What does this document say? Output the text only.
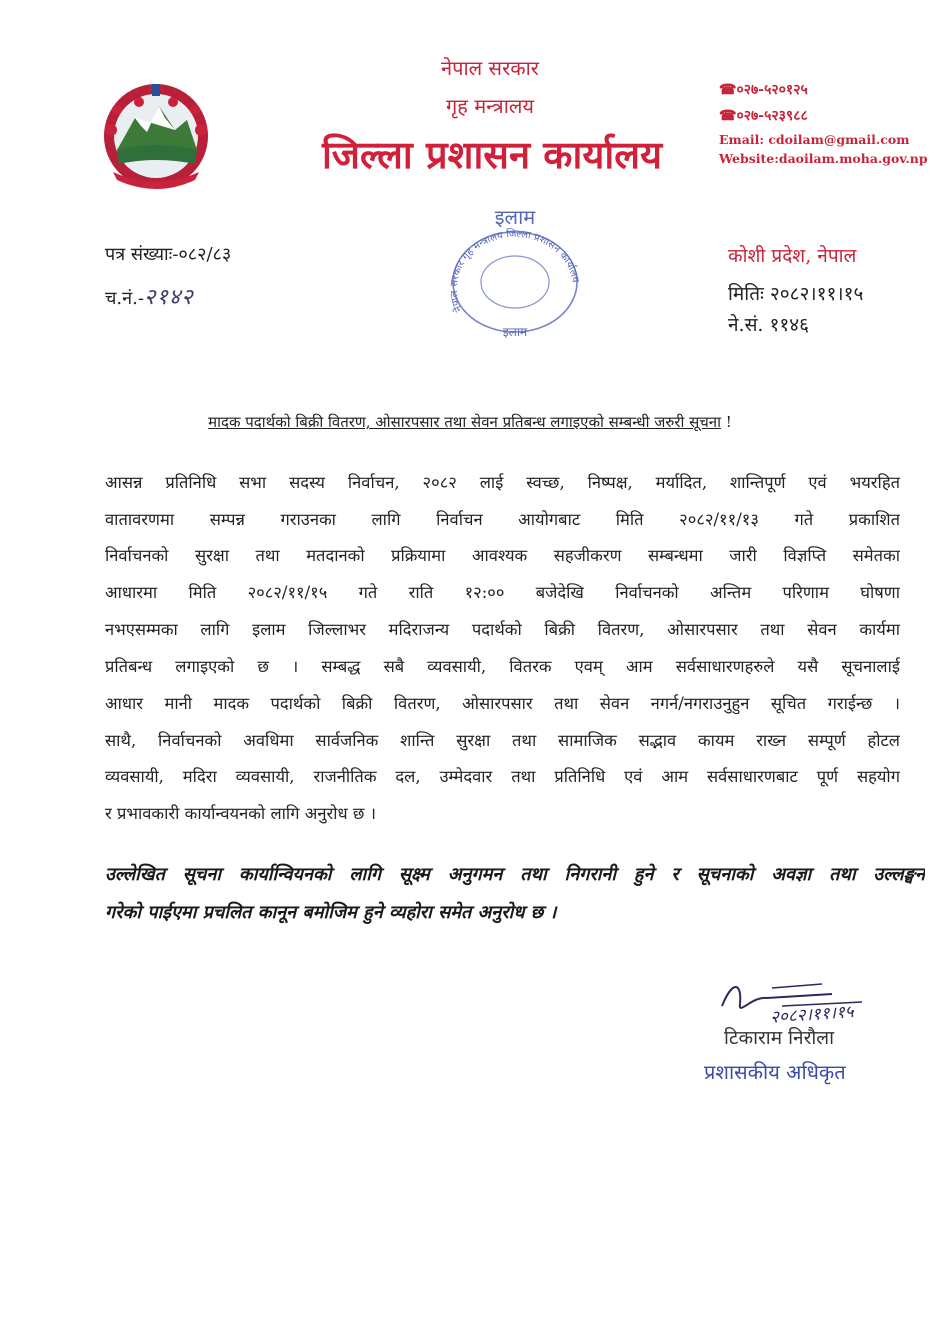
नेपाल सरकार
गृह मन्त्रालय
जिल्ला प्रशासन कार्यालय
☎०२७-५२०१२५
☎०२७-५२३९८८
Email: cdoilam@gmail.com
Website:daoilam.moha.gov.np
इलाम
नेपाल सरकार गृह मन्त्रालय जिल्ला प्रशासन कार्यालय
इलाम
पत्र संख्याः-०८२/८३
च.नं.-२१४२
कोशी प्रदेश, नेपाल
मितिः २०८२।११।१५
ने.सं. ११४६
मादक पदार्थको बिक्री वितरण, ओसारपसार तथा सेवन प्रतिबन्ध लगाइएको सम्बन्धी जरुरी सूचना !
आसन्न प्रतिनिधि सभा सदस्य निर्वाचन, २०८२ लाई स्वच्छ, निष्पक्ष, मर्यादित, शान्तिपूर्ण एवं भयरहित
वातावरणमा सम्पन्न गराउनका लागि निर्वाचन आयोगबाट मिति २०८२/११/१३ गते प्रकाशित
निर्वाचनको सुरक्षा तथा मतदानको प्रक्रियामा आवश्यक सहजीकरण सम्बन्धमा जारी विज्ञप्ति समेतका
आधारमा मिति २०८२/११/१५ गते राति १२:०० बजेदेखि निर्वाचनको अन्तिम परिणाम घोषणा
नभएसम्मका लागि इलाम जिल्लाभर मदिराजन्य पदार्थको बिक्री वितरण, ओसारपसार तथा सेवन कार्यमा
प्रतिबन्ध लगाइएको छ । सम्बद्ध सबै व्यवसायी, वितरक एवम् आम सर्वसाधारणहरुले यसै सूचनालाई
आधार मानी मादक पदार्थको बिक्री वितरण, ओसारपसार तथा सेवन नगर्न/नगराउनुहुन सूचित गराईन्छ ।
साथै, निर्वाचनको अवधिमा सार्वजनिक शान्ति सुरक्षा तथा सामाजिक सद्भाव कायम राख्न सम्पूर्ण होटल
व्यवसायी, मदिरा व्यवसायी, राजनीतिक दल, उम्मेदवार तथा प्रतिनिधि एवं आम सर्वसाधारणबाट पूर्ण सहयोग
र प्रभावकारी कार्यान्वयनको लागि अनुरोध छ ।
उल्लेखित सूचना कार्यान्वियनको लागि सूक्ष्म अनुगमन तथा निगरानी हुने र सूचनाको अवज्ञा तथा उल्लङ्घन
गरेको पाईएमा प्रचलित कानून बमोजिम हुने व्यहोरा समेत अनुरोध छ ।
२०८२।११।१५
टिकाराम निरौला
प्रशासकीय अधिकृत
